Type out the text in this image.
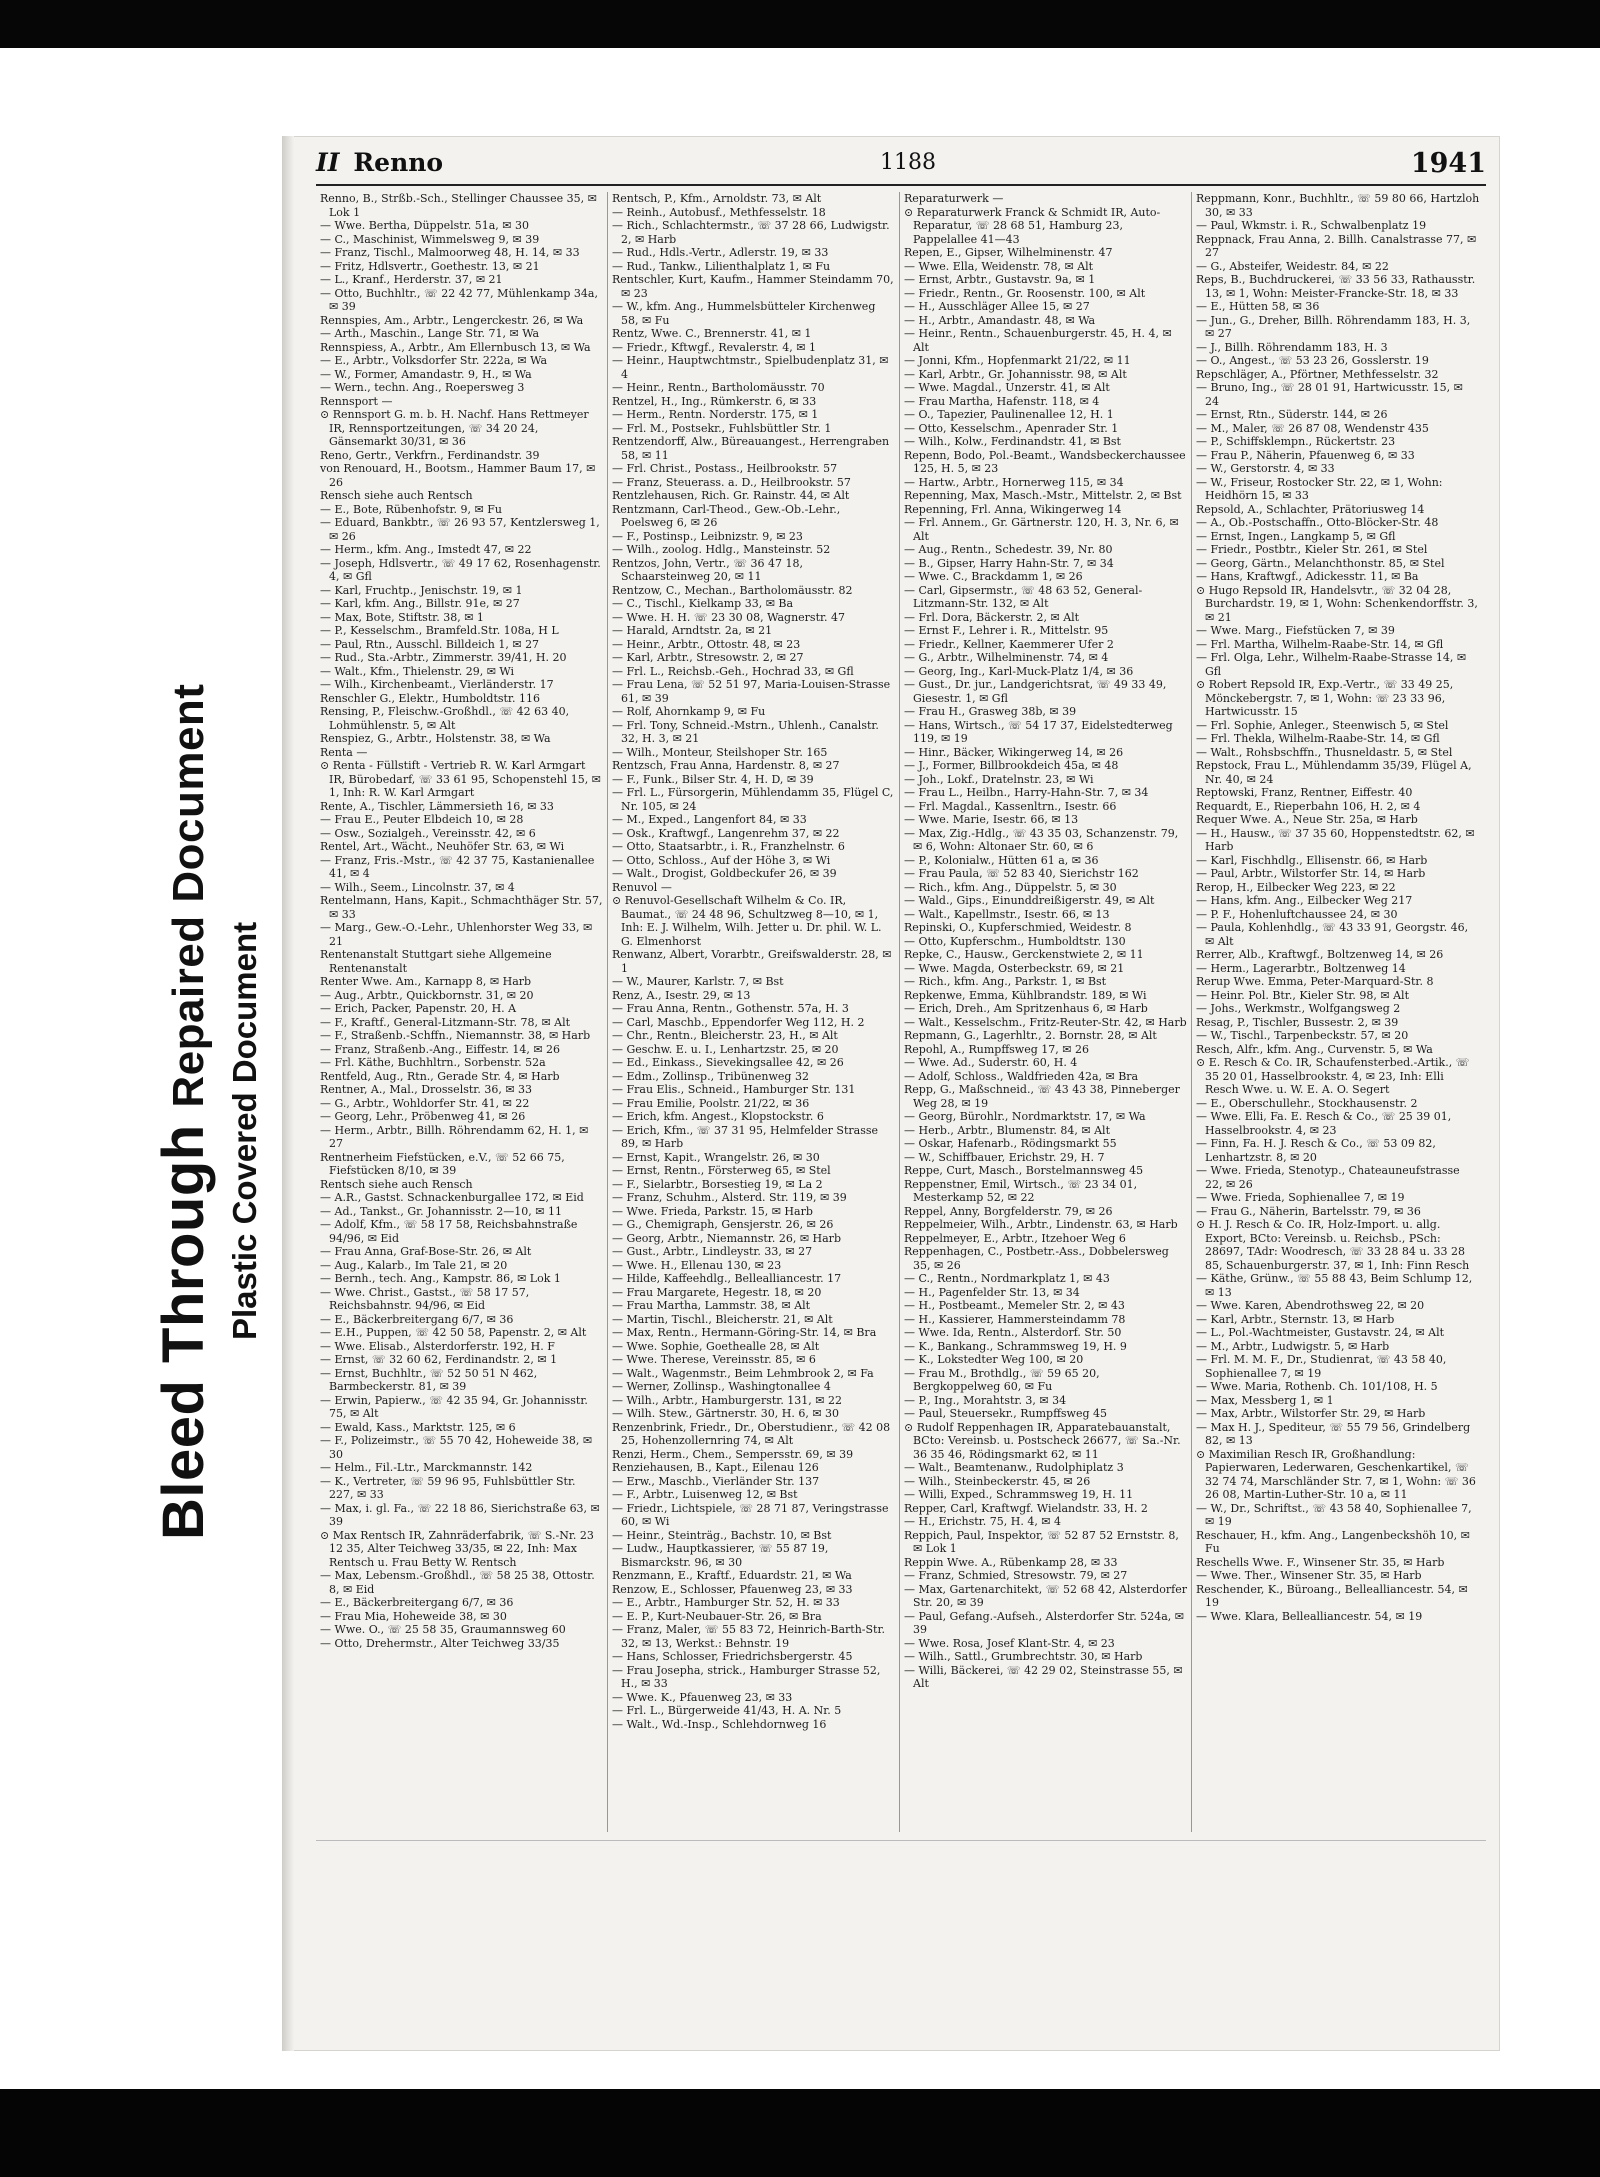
Bleed Through Repaired Document
Plastic Covered Document
II Renno	1188	1941

Renno, B., Strßb.-Sch., Stellinger Chaussee 35, ✉ Lok 1

— Wwe. Bertha, Düppelstr. 51a, ✉ 30

— C., Maschinist, Wimmelsweg 9, ✉ 39

— Franz, Tischl., Malmoorweg 48, H. 14, ✉ 33

— Fritz, Hdlsvertr., Goethestr. 13, ✉ 21

— L., Kranf., Herderstr. 37, ✉ 21

— Otto, Buchhltr., ☏ 22 42 77, Mühlenkamp 34a, ✉ 39

Rennspies, Am., Arbtr., Lengerckestr. 26, ✉ Wa

— Arth., Maschin., Lange Str. 71, ✉ Wa

Rennspiess, A., Arbtr., Am Ellernbusch 13, ✉ Wa

— E., Arbtr., Volksdorfer Str. 222a, ✉ Wa

— W., Former, Amandastr. 9, H., ✉ Wa

— Wern., techn. Ang., Roepersweg 3

Rennsport —

⊙ Rennsport G. m. b. H. Nachf. Hans Rettmeyer IR, Rennsportzeitungen, ☏ 34 20 24, Gänsemarkt 30/31, ✉ 36

Reno, Gertr., Verkfrn., Ferdinandstr. 39

von Renouard, H., Bootsm., Hammer Baum 17, ✉ 26

Rensch siehe auch Rentsch

— E., Bote, Rübenhofstr. 9, ✉ Fu

— Eduard, Bankbtr., ☏ 26 93 57, Kentzlersweg 1, ✉ 26

— Herm., kfm. Ang., Imstedt 47, ✉ 22

— Joseph, Hdlsvertr., ☏ 49 17 62, Rosenhagenstr. 4, ✉ Gfl

— Karl, Fruchtp., Jenischstr. 19, ✉ 1

— Karl, kfm. Ang., Billstr. 91e, ✉ 27

— Max, Bote, Stiftstr. 38, ✉ 1

— P., Kesselschm., Bramfeld.Str. 108a, H L

— Paul, Rtn., Ausschl. Billdeich 1, ✉ 27

— Rud., Sta.-Arbtr., Zimmerstr. 39/41, H. 20

— Walt., Kfm., Thielenstr. 29, ✉ Wi

— Wilh., Kirchenbeamt., Vierländerstr. 17

Renschler G., Elektr., Humboldtstr. 116

Rensing, P., Fleischw.-Großhdl., ☏ 42 63 40, Lohmühlenstr. 5, ✉ Alt

Renspiez, G., Arbtr., Holstenstr. 38, ✉ Wa

Renta —

⊙ Renta - Füllstift - Vertrieb R. W. Karl Armgart IR, Bürobedarf, ☏ 33 61 95, Schopenstehl 15, ✉ 1, Inh: R. W. Karl Armgart

Rente, A., Tischler, Lämmersieth 16, ✉ 33

— Frau E., Peuter Elbdeich 10, ✉ 28

— Osw., Sozialgeh., Vereinsstr. 42, ✉ 6

Rentel, Art., Wächt., Neuhöfer Str. 63, ✉ Wi

— Franz, Fris.-Mstr., ☏ 42 37 75, Kastanienallee 41, ✉ 4

— Wilh., Seem., Lincolnstr. 37, ✉ 4

Rentelmann, Hans, Kapit., Schmachthäger Str. 57, ✉ 33

— Marg., Gew.-O.-Lehr., Uhlenhorster Weg 33, ✉ 21

Rentenanstalt Stuttgart siehe Allgemeine Rentenanstalt

Renter Wwe. Am., Karnapp 8, ✉ Harb

— Aug., Arbtr., Quickbornstr. 31, ✉ 20

— Erich, Packer, Papenstr. 20, H. A

— F., Kraftf., General-Litzmann-Str. 78, ✉ Alt

— F., Straßenb.-Schffn., Niemannstr. 38, ✉ Harb

— Franz, Straßenb.-Ang., Eiffestr. 14, ✉ 26

— Frl. Käthe, Buchhltrn., Sorbenstr. 52a

Rentfeld, Aug., Rtn., Gerade Str. 4, ✉ Harb

Rentner, A., Mal., Drosselstr. 36, ✉ 33

— G., Arbtr., Wohldorfer Str. 41, ✉ 22

— Georg, Lehr., Pröbenweg 41, ✉ 26

— Herm., Arbtr., Billh. Röhrendamm 62, H. 1, ✉ 27

Rentnerheim Fiefstücken, e.V., ☏ 52 66 75, Fiefstücken 8/10, ✉ 39

Rentsch siehe auch Rensch

— A.R., Gastst. Schnackenburgallee 172, ✉ Eid

— Ad., Tankst., Gr. Johannisstr. 2—10, ✉ 11

— Adolf, Kfm., ☏ 58 17 58, Reichsbahnstraße 94/96, ✉ Eid

— Frau Anna, Graf-Bose-Str. 26, ✉ Alt

— Aug., Kalarb., Im Tale 21, ✉ 20

— Bernh., tech. Ang., Kampstr. 86, ✉ Lok 1

— Wwe. Christ., Gastst., ☏ 58 17 57, Reichsbahnstr. 94/96, ✉ Eid

— E., Bäckerbreitergang 6/7, ✉ 36

— E.H., Puppen, ☏ 42 50 58, Papenstr. 2, ✉ Alt

— Wwe. Elisab., Alsterdorferstr. 192, H. F

— Ernst, ☏ 32 60 62, Ferdinandstr. 2, ✉ 1

— Ernst, Buchhltr., ☏ 52 50 51 N 462, Barmbeckerstr. 81, ✉ 39

— Erwin, Papierw., ☏ 42 35 94, Gr. Johannisstr. 75, ✉ Alt

— Ewald, Kass., Marktstr. 125, ✉ 6

— F., Polizeimstr., ☏ 55 70 42, Hoheweide 38, ✉ 30

— Helm., Fil.-Ltr., Marckmannstr. 142

— K., Vertreter, ☏ 59 96 95, Fuhlsbüttler Str. 227, ✉ 33

— Max, i. gl. Fa., ☏ 22 18 86, Sierichstraße 63, ✉ 39

⊙ Max Rentsch IR, Zahnräderfabrik, ☏ S.-Nr. 23 12 35, Alter Teichweg 33/35, ✉ 22, Inh: Max Rentsch u. Frau Betty W. Rentsch

— Max, Lebensm.-Großhdl., ☏ 58 25 38, Ottostr. 8, ✉ Eid

— E., Bäckerbreitergang 6/7, ✉ 36

— Frau Mia, Hoheweide 38, ✉ 30

— Wwe. O., ☏ 25 58 35, Graumannsweg 60

— Otto, Drehermstr., Alter Teichweg 33/35

Rentsch, P., Kfm., Arnoldstr. 73, ✉ Alt

— Reinh., Autobusf., Methfesselstr. 18

— Rich., Schlachtermstr., ☏ 37 28 66, Ludwigstr. 2, ✉ Harb

— Rud., Hdls.-Vertr., Adlerstr. 19, ✉ 33

— Rud., Tankw., Lilienthalplatz 1, ✉ Fu

Rentschler, Kurt, Kaufm., Hammer Steindamm 70, ✉ 23

— W., kfm. Ang., Hummelsbütteler Kirchenweg 58, ✉ Fu

Rentz, Wwe. C., Brennerstr. 41, ✉ 1

— Friedr., Kftwgf., Revalerstr. 4, ✉ 1

— Heinr., Hauptwchtmstr., Spielbudenplatz 31, ✉ 4

— Heinr., Rentn., Bartholomäusstr. 70

Rentzel, H., Ing., Rümkerstr. 6, ✉ 33

— Herm., Rentn. Norderstr. 175, ✉ 1

— Frl. M., Postsekr., Fuhlsbüttler Str. 1

Rentzendorff, Alw., Büreauangest., Herrengraben 58, ✉ 11

— Frl. Christ., Postass., Heilbrookstr. 57

— Franz, Steuerass. a. D., Heilbrookstr. 57

Rentzlehausen, Rich. Gr. Rainstr. 44, ✉ Alt

Rentzmann, Carl-Theod., Gew.-Ob.-Lehr., Poelsweg 6, ✉ 26

— F., Postinsp., Leibnizstr. 9, ✉ 23

— Wilh., zoolog. Hdlg., Mansteinstr. 52

Rentzos, John, Vertr., ☏ 36 47 18, Schaarsteinweg 20, ✉ 11

Rentzow, C., Mechan., Bartholomäusstr. 82

— C., Tischl., Kielkamp 33, ✉ Ba

— Wwe. H. H. ☏ 23 30 08, Wagnerstr. 47

— Harald, Arndtstr. 2a, ✉ 21

— Heinr., Arbtr., Ottostr. 48, ✉ 23

— Karl, Arbtr., Stresowstr. 2, ✉ 27

— Frl. L., Reichsb.-Geh., Hochrad 33, ✉ Gfl

— Frau Lena, ☏ 52 51 97, Maria-Louisen-Strasse 61, ✉ 39

— Rolf, Ahornkamp 9, ✉ Fu

— Frl. Tony, Schneid.-Mstrn., Uhlenh., Canalstr. 32, H. 3, ✉ 21

— Wilh., Monteur, Steilshoper Str. 165

Rentzsch, Frau Anna, Hardenstr. 8, ✉ 27

— F., Funk., Bilser Str. 4, H. D, ✉ 39

— Frl. L., Fürsorgerin, Mühlendamm 35, Flügel C, Nr. 105, ✉ 24

— M., Exped., Langenfort 84, ✉ 33

— Osk., Kraftwgf., Langenrehm 37, ✉ 22

— Otto, Staatsarbtr., i. R., Franzhelnstr. 6

— Otto, Schloss., Auf der Höhe 3, ✉ Wi

— Walt., Drogist, Goldbeckufer 26, ✉ 39

Renuvol —

⊙ Renuvol-Gesellschaft Wilhelm & Co. IR, Baumat., ☏ 24 48 96, Schultzweg 8—10, ✉ 1, Inh: E. J. Wilhelm, Wilh. Jetter u. Dr. phil. W. L. G. Elmenhorst

Renwanz, Albert, Vorarbtr., Greifswalderstr. 28, ✉ 1

— W., Maurer, Karlstr. 7, ✉ Bst

Renz, A., Isestr. 29, ✉ 13

— Frau Anna, Rentn., Gothenstr. 57a, H. 3

— Carl, Maschb., Eppendorfer Weg 112, H. 2

— Chr., Rentn., Bleicherstr. 23, H., ✉ Alt

— Geschw. E. u. I., Lenhartzstr. 25, ✉ 20

— Ed., Einkass., Sievekingsallee 42, ✉ 26

— Edm., Zollinsp., Tribünenweg 32

— Frau Elis., Schneid., Hamburger Str. 131

— Frau Emilie, Poolstr. 21/22, ✉ 36

— Erich, kfm. Angest., Klopstockstr. 6

— Erich, Kfm., ☏ 37 31 95, Helmfelder Strasse 89, ✉ Harb

— Ernst, Kapit., Wrangelstr. 26, ✉ 30

— Ernst, Rentn., Försterweg 65, ✉ Stel

— F., Sielarbtr., Borsestieg 19, ✉ La 2

— Franz, Schuhm., Alsterd. Str. 119, ✉ 39

— Wwe. Frieda, Parkstr. 15, ✉ Harb

— G., Chemigraph, Gensjerstr. 26, ✉ 26

— Georg, Arbtr., Niemannstr. 26, ✉ Harb

— Gust., Arbtr., Lindleystr. 33, ✉ 27

— Wwe. H., Ellenau 130, ✉ 23

— Hilde, Kaffeehdlg., Bellealliancestr. 17

— Frau Margarete, Hegestr. 18, ✉ 20

— Frau Martha, Lammstr. 38, ✉ Alt

— Martin, Tischl., Bleicherstr. 21, ✉ Alt

— Max, Rentn., Hermann-Göring-Str. 14, ✉ Bra

— Wwe. Sophie, Goethealle 28, ✉ Alt

— Wwe. Therese, Vereinsstr. 85, ✉ 6

— Walt., Wagenmstr., Beim Lehmbrook 2, ✉ Fa

— Werner, Zollinsp., Washingtonallee 4

— Wilh., Arbtr., Hamburgerstr. 131, ✉ 22

— Wilh. Stew., Gärtnerstr. 30, H. 6, ✉ 30

Renzenbrink, Friedr., Dr., Oberstudienr., ☏ 42 08 25, Hohenzollernring 74, ✉ Alt

Renzi, Herm., Chem., Sempersstr. 69, ✉ 39

Renziehausen, B., Kapt., Eilenau 126

— Erw., Maschb., Vierländer Str. 137

— F., Arbtr., Luisenweg 12, ✉ Bst

— Friedr., Lichtspiele, ☏ 28 71 87, Veringstrasse 60, ✉ Wi

— Heinr., Steinträg., Bachstr. 10, ✉ Bst

— Ludw., Hauptkassierer, ☏ 55 87 19, Bismarckstr. 96, ✉ 30

Renzmann, E., Kraftf., Eduardstr. 21, ✉ Wa

Renzow, E., Schlosser, Pfauenweg 23, ✉ 33

— E., Arbtr., Hamburger Str. 52, H. ✉ 33

— E. P., Kurt-Neubauer-Str. 26, ✉ Bra

— Franz, Maler, ☏ 55 83 72, Heinrich-Barth-Str. 32, ✉ 13, Werkst.: Behnstr. 19

— Hans, Schlosser, Friedrichsbergerstr. 45

— Frau Josepha, strick., Hamburger Strasse 52, H., ✉ 33

— Wwe. K., Pfauenweg 23, ✉ 33

— Frl. L., Bürgerweide 41/43, H. A. Nr. 5

— Walt., Wd.-Insp., Schlehdornweg 16

Reparaturwerk —

⊙ Reparaturwerk Franck & Schmidt IR, Auto-Reparatur, ☏ 28 68 51, Hamburg 23, Pappelallee 41—43

Repen, E., Gipser, Wilhelminenstr. 47

— Wwe. Ella, Weidenstr. 78, ✉ Alt

— Ernst, Arbtr., Gustavstr. 9a, ✉ 1

— Friedr., Rentn., Gr. Roosenstr. 100, ✉ Alt

— H., Ausschläger Allee 15, ✉ 27

— H., Arbtr., Amandastr. 48, ✉ Wa

— Heinr., Rentn., Schauenburgerstr. 45, H. 4, ✉ Alt

— Jonni, Kfm., Hopfenmarkt 21/22, ✉ 11

— Karl, Arbtr., Gr. Johannisstr. 98, ✉ Alt

— Wwe. Magdal., Unzerstr. 41, ✉ Alt

— Frau Martha, Hafenstr. 118, ✉ 4

— O., Tapezier, Paulinenallee 12, H. 1

— Otto, Kesselschm., Apenrader Str. 1

— Wilh., Kolw., Ferdinandstr. 41, ✉ Bst

Repenn, Bodo, Pol.-Beamt., Wandsbeckerchaussee 125, H. 5, ✉ 23

— Hartw., Arbtr., Hornerweg 115, ✉ 34

Repenning, Max, Masch.-Mstr., Mittelstr. 2, ✉ Bst

Repenning, Frl. Anna, Wikingerweg 14

— Frl. Annem., Gr. Gärtnerstr. 120, H. 3, Nr. 6, ✉ Alt

— Aug., Rentn., Schedestr. 39, Nr. 80

— B., Gipser, Harry Hahn-Str. 7, ✉ 34

— Wwe. C., Brackdamm 1, ✉ 26

— Carl, Gipsermstr., ☏ 48 63 52, General-Litzmann-Str. 132, ✉ Alt

— Frl. Dora, Bäckerstr. 2, ✉ Alt

— Ernst F., Lehrer i. R., Mittelstr. 95

— Friedr., Kellner, Kaemmerer Ufer 2

— G., Arbtr., Wilhelminenstr. 74, ✉ 4

— Georg, Ing., Karl-Muck-Platz 1/4, ✉ 36

— Gust., Dr. jur., Landgerichtsrat, ☏ 49 33 49, Giesestr. 1, ✉ Gfl

— Frau H., Grasweg 38b, ✉ 39

— Hans, Wirtsch., ☏ 54 17 37, Eidelstedterweg 119, ✉ 19

— Hinr., Bäcker, Wikingerweg 14, ✉ 26

— J., Former, Billbrookdeich 45a, ✉ 48

— Joh., Lokf., Dratelnstr. 23, ✉ Wi

— Frau L., Heilbn., Harry-Hahn-Str. 7, ✉ 34

— Frl. Magdal., Kassenltrn., Isestr. 66

— Wwe. Marie, Isestr. 66, ✉ 13

— Max, Zig.-Hdlg., ☏ 43 35 03, Schanzenstr. 79, ✉ 6, Wohn: Altonaer Str. 60, ✉ 6

— P., Kolonialw., Hütten 61 a, ✉ 36

— Frau Paula, ☏ 52 83 40, Sierichstr 162

— Rich., kfm. Ang., Düppelstr. 5, ✉ 30

— Wald., Gips., Einunddreißigerstr. 49, ✉ Alt

— Walt., Kapellmstr., Isestr. 66, ✉ 13

Repinski, O., Kupferschmied, Weidestr. 8

— Otto, Kupferschm., Humboldtstr. 130

Repke, C., Hausw., Gerckenstwiete 2, ✉ 11

— Wwe. Magda, Osterbeckstr. 69, ✉ 21

— Rich., kfm. Ang., Parkstr. 1, ✉ Bst

Repkenwe, Emma, Kühlbrandstr. 189, ✉ Wi

— Erich, Dreh., Am Spritzenhaus 6, ✉ Harb

— Walt., Kesselschm., Fritz-Reuter-Str. 42, ✉ Harb

Repmann, G., Lagerhltr., 2. Bornstr. 28, ✉ Alt

Repohl, A., Rumpffsweg 17, ✉ 26

— Wwe. Ad., Suderstr. 60, H. 4

— Adolf, Schloss., Waldfrieden 42a, ✉ Bra

Repp, G., Maßschneid., ☏ 43 43 38, Pinneberger Weg 28, ✉ 19

— Georg, Bürohlr., Nordmarktstr. 17, ✉ Wa

— Herb., Arbtr., Blumenstr. 84, ✉ Alt

— Oskar, Hafenarb., Rödingsmarkt 55

— W., Schiffbauer, Erichstr. 29, H. 7

Reppe, Curt, Masch., Borstelmannsweg 45

Reppenstner, Emil, Wirtsch., ☏ 23 34 01, Mesterkamp 52, ✉ 22

Reppel, Anny, Borgfelderstr. 79, ✉ 26

Reppelmeier, Wilh., Arbtr., Lindenstr. 63, ✉ Harb

Reppelmeyer, E., Arbtr., Itzehoer Weg 6

Reppenhagen, C., Postbetr.-Ass., Dobbelersweg 35, ✉ 26

— C., Rentn., Nordmarkplatz 1, ✉ 43

— H., Pagenfelder Str. 13, ✉ 34

— H., Postbeamt., Memeler Str. 2, ✉ 43

— H., Kassierer, Hammersteindamm 78

— Wwe. Ida, Rentn., Alsterdorf. Str. 50

— K., Bankang., Schrammsweg 19, H. 9

— K., Lokstedter Weg 100, ✉ 20

— Frau M., Brothdlg., ☏ 59 65 20, Bergkoppelweg 60, ✉ Fu

— P., Ing., Morahtstr. 3, ✉ 34

— Paul, Steuersekr., Rumpffsweg 45

⊙ Rudolf Reppenhagen IR, Apparatebauanstalt, BCto: Vereinsb. u. Postscheck 26677, ☏ Sa.-Nr. 36 35 46, Rödingsmarkt 62, ✉ 11

— Walt., Beamtenanw., Rudolphiplatz 3

— Wilh., Steinbeckerstr. 45, ✉ 26

— Willi, Exped., Schrammsweg 19, H. 11

Repper, Carl, Kraftwgf. Wielandstr. 33, H. 2

— H., Erichstr. 75, H. 4, ✉ 4

Reppich, Paul, Inspektor, ☏ 52 87 52 Ernststr. 8, ✉ Lok 1

Reppin Wwe. A., Rübenkamp 28, ✉ 33

— Franz, Schmied, Stresowstr. 79, ✉ 27

— Max, Gartenarchitekt, ☏ 52 68 42, Alsterdorfer Str. 20, ✉ 39

— Paul, Gefang.-Aufseh., Alsterdorfer Str. 524a, ✉ 39

— Wwe. Rosa, Josef Klant-Str. 4, ✉ 23

— Wilh., Sattl., Grumbrechtstr. 30, ✉ Harb

— Willi, Bäckerei, ☏ 42 29 02, Steinstrasse 55, ✉ Alt

Reppmann, Konr., Buchhltr., ☏ 59 80 66, Hartzloh 30, ✉ 33

— Paul, Wkmstr. i. R., Schwalbenplatz 19

Reppnack, Frau Anna, 2. Billh. Canalstrasse 77, ✉ 27

— G., Absteifer, Weidestr. 84, ✉ 22

Reps, B., Buchdruckerei, ☏ 33 56 33, Rathausstr. 13, ✉ 1, Wohn: Meister-Francke-Str. 18, ✉ 33

— E., Hütten 58, ✉ 36

— Jun., G., Dreher, Billh. Röhrendamm 183, H. 3, ✉ 27

— J., Billh. Röhrendamm 183, H. 3

— O., Angest., ☏ 53 23 26, Gosslerstr. 19

Repschläger, A., Pförtner, Methfesselstr. 32

— Bruno, Ing., ☏ 28 01 91, Hartwicusstr. 15, ✉ 24

— Ernst, Rtn., Süderstr. 144, ✉ 26

— M., Maler, ☏ 26 87 08, Wendenstr 435

— P., Schiffsklempn., Rückertstr. 23

— Frau P., Näherin, Pfauenweg 6, ✉ 33

— W., Gerstorstr. 4, ✉ 33

— W., Friseur, Rostocker Str. 22, ✉ 1, Wohn: Heidhörn 15, ✉ 33

Repsold, A., Schlachter, Prätoriusweg 14

— A., Ob.-Postschaffn., Otto-Blöcker-Str. 48

— Ernst, Ingen., Langkamp 5, ✉ Gfl

— Friedr., Postbtr., Kieler Str. 261, ✉ Stel

— Georg, Gärtn., Melanchthonstr. 85, ✉ Stel

— Hans, Kraftwgf., Adickesstr. 11, ✉ Ba

⊙ Hugo Repsold IR, Handelsvtr., ☏ 32 04 28, Burchardstr. 19, ✉ 1, Wohn: Schenkendorffstr. 3, ✉ 21

— Wwe. Marg., Fiefstücken 7, ✉ 39

— Frl. Martha, Wilhelm-Raabe-Str. 14, ✉ Gfl

— Frl. Olga, Lehr., Wilhelm-Raabe-Strasse 14, ✉ Gfl

⊙ Robert Repsold IR, Exp.-Vertr., ☏ 33 49 25, Mönckebergstr. 7, ✉ 1, Wohn: ☏ 23 33 96, Hartwicusstr. 15

— Frl. Sophie, Anleger., Steenwisch 5, ✉ Stel

— Frl. Thekla, Wilhelm-Raabe-Str. 14, ✉ Gfl

— Walt., Rohsbschffn., Thusneldastr. 5, ✉ Stel

Repstock, Frau L., Mühlendamm 35/39, Flügel A, Nr. 40, ✉ 24

Reptowski, Franz, Rentner, Eiffestr. 40

Requardt, E., Rieperbahn 106, H. 2, ✉ 4

Requer Wwe. A., Neue Str. 25a, ✉ Harb

— H., Hausw., ☏ 37 35 60, Hoppenstedtstr. 62, ✉ Harb

— Karl, Fischhdlg., Ellisenstr. 66, ✉ Harb

— Paul, Arbtr., Wilstorfer Str. 14, ✉ Harb

Rerop, H., Eilbecker Weg 223, ✉ 22

— Hans, kfm. Ang., Eilbecker Weg 217

— P. F., Hohenluftchaussee 24, ✉ 30

— Paula, Kohlenhdlg., ☏ 43 33 91, Georgstr. 46, ✉ Alt

Rerrer, Alb., Kraftwgf., Boltzenweg 14, ✉ 26

— Herm., Lagerarbtr., Boltzenweg 14

Rerup Wwe. Emma, Peter-Marquard-Str. 8

— Heinr. Pol. Btr., Kieler Str. 98, ✉ Alt

— Johs., Werkmstr., Wolfgangsweg 2

Resag, P., Tischler, Bussestr. 2, ✉ 39

— W., Tischl., Tarpenbeckstr. 57, ✉ 20

Resch, Alfr., kfm. Ang., Curvenstr. 5, ✉ Wa

⊙ E. Resch & Co. IR, Schaufensterbed.-Artik., ☏ 35 20 01, Hasselbrookstr. 4, ✉ 23, Inh: Elli Resch Wwe. u. W. E. A. O. Segert

— E., Oberschullehr., Stockhausenstr. 2

— Wwe. Elli, Fa. E. Resch & Co., ☏ 25 39 01, Hasselbrookstr. 4, ✉ 23

— Finn, Fa. H. J. Resch & Co., ☏ 53 09 82, Lenhartzstr. 8, ✉ 20

— Wwe. Frieda, Stenotyp., Chateauneufstrasse 22, ✉ 26

— Wwe. Frieda, Sophienallee 7, ✉ 19

— Frau G., Näherin, Bartelsstr. 79, ✉ 36

⊙ H. J. Resch & Co. IR, Holz-Import. u. allg. Export, BCto: Vereinsb. u. Reichsb., PSch: 28697, TAdr: Woodresch, ☏ 33 28 84 u. 33 28 85, Schauenburgerstr. 37, ✉ 1, Inh: Finn Resch

— Käthe, Grünw., ☏ 55 88 43, Beim Schlump 12, ✉ 13

— Wwe. Karen, Abendrothsweg 22, ✉ 20

— Karl, Arbtr., Sternstr. 13, ✉ Harb

— L., Pol.-Wachtmeister, Gustavstr. 24, ✉ Alt

— M., Arbtr., Ludwigstr. 5, ✉ Harb

— Frl. M. M. F., Dr., Studienrat, ☏ 43 58 40, Sophienallee 7, ✉ 19

— Wwe. Maria, Rothenb. Ch. 101/108, H. 5

— Max, Messberg 1, ✉ 1

— Max, Arbtr., Wilstorfer Str. 29, ✉ Harb

— Max H. J., Spediteur, ☏ 55 79 56, Grindelberg 82, ✉ 13

⊙ Maximilian Resch IR, Großhandlung: Papierwaren, Lederwaren, Geschenkartikel, ☏ 32 74 74, Marschländer Str. 7, ✉ 1, Wohn: ☏ 36 26 08, Martin-Luther-Str. 10 a, ✉ 11

— W., Dr., Schriftst., ☏ 43 58 40, Sophienallee 7, ✉ 19

Reschauer, H., kfm. Ang., Langenbeckshöh 10, ✉ Fu

Reschells Wwe. F., Winsener Str. 35, ✉ Harb

— Wwe. Ther., Winsener Str. 35, ✉ Harb

Reschender, K., Büroang., Bellealliancestr. 54, ✉ 19

— Wwe. Klara, Bellealliancestr. 54, ✉ 19
